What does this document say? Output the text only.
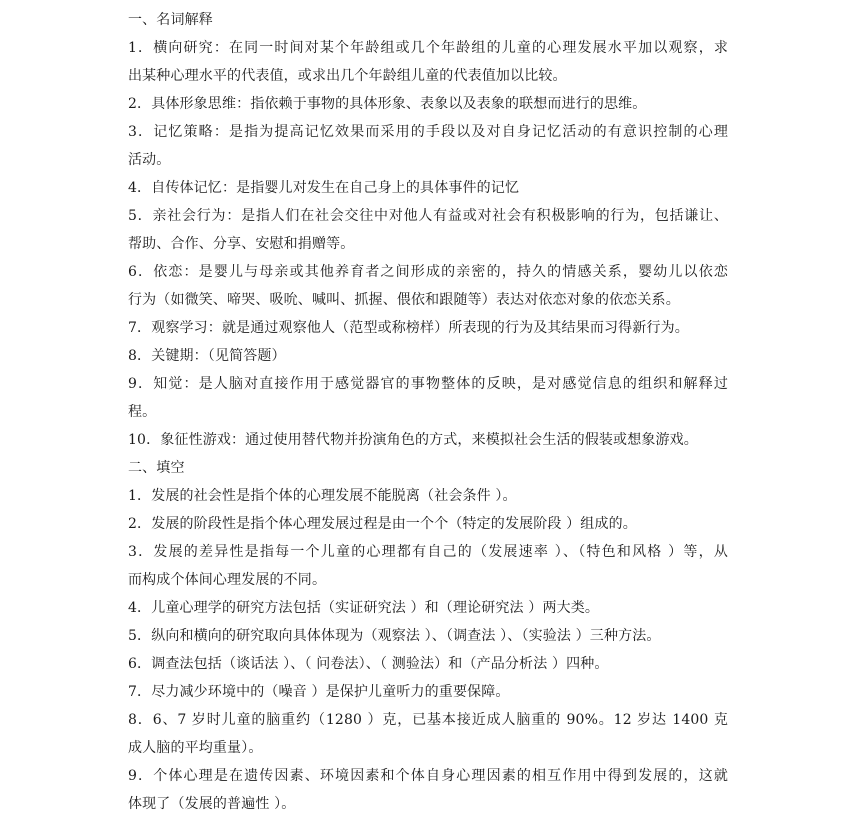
一、名词解释
1．横向研究：在同一时间对某个年龄组或几个年龄组的儿童的心理发展水平加以观察，求
出某种心理水平的代表值，或求出几个年龄组儿童的代表值加以比较。
2．具体形象思维：指依赖于事物的具体形象、表象以及表象的联想而进行的思维。
3．记忆策略：是指为提高记忆效果而采用的手段以及对自身记忆活动的有意识控制的心理
活动。
4．自传体记忆：是指婴儿对发生在自己身上的具体事件的记忆
5．亲社会行为：是指人们在社会交往中对他人有益或对社会有积极影响的行为，包括谦让、
帮助、合作、分享、安慰和捐赠等。
6．依恋：是婴儿与母亲或其他养育者之间形成的亲密的，持久的情感关系，婴幼儿以依恋
行为（如微笑、啼哭、吸吮、喊叫、抓握、偎依和跟随等）表达对依恋对象的依恋关系。
7．观察学习：就是通过观察他人（范型或称榜样）所表现的行为及其结果而习得新行为。
8．关键期：（见简答题）
9．知觉：是人脑对直接作用于感觉器官的事物整体的反映，是对感觉信息的组织和解释过
程。
10．象征性游戏：通过使用替代物并扮演角色的方式，来模拟社会生活的假装或想象游戏。
二、填空
1．发展的社会性是指个体的心理发展不能脱离（社会条件 ）。
2．发展的阶段性是指个体心理发展过程是由一个个（特定的发展阶段 ）组成的。
3．发展的差异性是指每一个儿童的心理都有自己的（发展速率 ）、（特色和风格 ）等，从
而构成个体间心理发展的不同。
4．儿童心理学的研究方法包括（实证研究法 ）和（理论研究法 ）两大类。
5．纵向和横向的研究取向具体体现为（观察法 ）、（调查法 ）、（实验法 ）三种方法。
6．调查法包括（谈话法 ）、（ 问卷法）、（ 测验法）和（产品分析法 ）四种。
7．尽力减少环境中的（噪音 ）是保护儿童听力的重要保障。
8．6、7 岁时儿童的脑重约（1280 ）克，已基本接近成人脑重的 90%。12 岁达 1400 克
成人脑的平均重量）。
9．个体心理是在遗传因素、环境因素和个体自身心理因素的相互作用中得到发展的，这就
体现了（发展的普遍性 ）。
